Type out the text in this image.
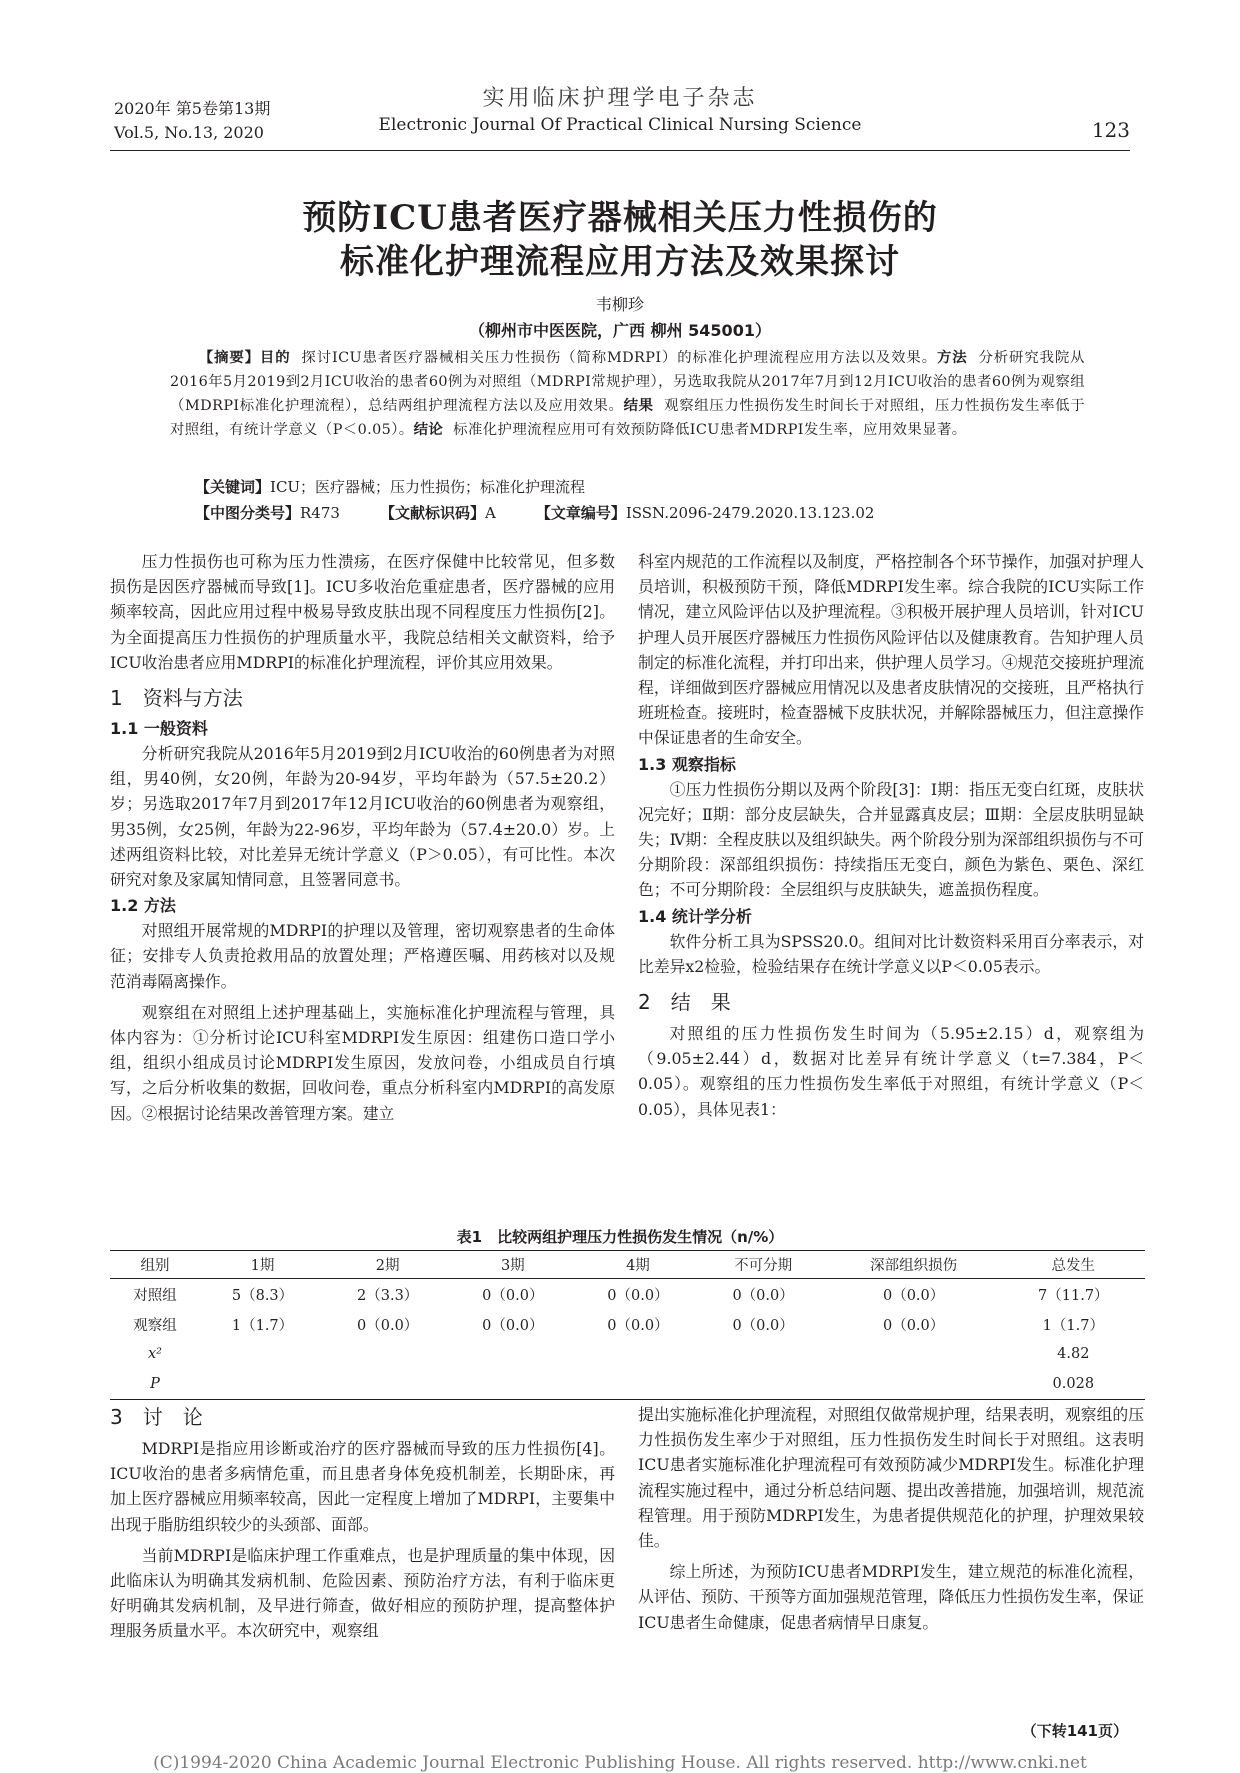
2020年 第5卷第13期
Vol.5, No.13, 2020
实用临床护理学电子杂志
Electronic Journal Of Practical Clinical Nursing Science	123
预防ICU患者医疗器械相关压力性损伤的
标准化护理流程应用方法及效果探讨
韦柳珍
（柳州市中医医院，广西 柳州 545001）

【摘要】目的 探讨ICU患者医疗器械相关压力性损伤（简称MDRPI）的标准化护理流程应用方法以及效果。方法 分析研究我院从2016年5月2019到2月ICU收治的患者60例为对照组（MDRPI常规护理），另选取我院从2017年7月到12月ICU收治的患者60例为观察组（MDRPI标准化护理流程），总结两组护理流程方法以及应用效果。结果 观察组压力性损伤发生时间长于对照组，压力性损伤发生率低于对照组，有统计学意义（P＜0.05）。结论 标准化护理流程应用可有效预防降低ICU患者MDRPI发生率，应用效果显著。

【关键词】ICU；医疗器械；压力性损伤；标准化护理流程
【中图分类号】R473	【文献标识码】A	【文章编号】ISSN.2096-2479.2020.13.123.02

压力性损伤也可称为压力性溃疡，在医疗保健中比较常见，但多数损伤是因医疗器械而导致[1]。ICU多收治危重症患者，医疗器械的应用频率较高，因此应用过程中极易导致皮肤出现不同程度压力性损伤[2]。为全面提高压力性损伤的护理质量水平，我院总结相关文献资料，给予ICU收治患者应用MDRPI的标准化护理流程，评价其应用效果。

1　资料与方法
1.1 一般资料

分析研究我院从2016年5月2019到2月ICU收治的60例患者为对照组，男40例，女20例，年龄为20-94岁，平均年龄为（57.5±20.2）岁；另选取2017年7月到2017年12月ICU收治的60例患者为观察组，男35例，女25例，年龄为22-96岁，平均年龄为（57.4±20.0）岁。上述两组资料比较，对比差异无统计学意义（P＞0.05），有可比性。本次研究对象及家属知情同意，且签署同意书。

1.2 方法

对照组开展常规的MDRPI的护理以及管理，密切观察患者的生命体征；安排专人负责抢救用品的放置处理；严格遵医嘱、用药核对以及规范消毒隔离操作。

观察组在对照组上述护理基础上，实施标准化护理流程与管理，具体内容为：①分析讨论ICU科室MDRPI发生原因：组建伤口造口学小组，组织小组成员讨论MDRPI发生原因，发放问卷，小组成员自行填写，之后分析收集的数据，回收问卷，重点分析科室内MDRPI的高发原因。②根据讨论结果改善管理方案。建立

科室内规范的工作流程以及制度，严格控制各个环节操作，加强对护理人员培训，积极预防干预，降低MDRPI发生率。综合我院的ICU实际工作情况，建立风险评估以及护理流程。③积极开展护理人员培训，针对ICU护理人员开展医疗器械压力性损伤风险评估以及健康教育。告知护理人员制定的标准化流程，并打印出来，供护理人员学习。④规范交接班护理流程，详细做到医疗器械应用情况以及患者皮肤情况的交接班，且严格执行班班检查。接班时，检查器械下皮肤状况，并解除器械压力，但注意操作中保证患者的生命安全。

1.3 观察指标

①压力性损伤分期以及两个阶段[3]：Ⅰ期：指压无变白红斑，皮肤状况完好；Ⅱ期：部分皮层缺失，合并显露真皮层；Ⅲ期：全层皮肤明显缺失；Ⅳ期：全程皮肤以及组织缺失。两个阶段分别为深部组织损伤与不可分期阶段：深部组织损伤：持续指压无变白，颜色为紫色、栗色、深红色；不可分期阶段：全层组织与皮肤缺失，遮盖损伤程度。

1.4 统计学分析

软件分析工具为SPSS20.0。组间对比计数资料采用百分率表示，对比差异x2检验，检验结果存在统计学意义以P＜0.05表示。

2　结　果

对照组的压力性损伤发生时间为（5.95±2.15）d，观察组为（9.05±2.44）d，数据对比差异有统计学意义（t=7.384，P＜0.05）。观察组的压力性损伤发生率低于对照组，有统计学意义（P＜0.05），具体见表1：

表1　比较两组护理压力性损伤发生情况（n/%）
组别	1期	2期	3期	4期	不可分期	深部组织损伤	总发生
对照组	5（8.3）	2（3.3）	0（0.0）	0（0.0）	0（0.0）	0（0.0）	7（11.7）
观察组	1（1.7）	0（0.0）	0（0.0）	0（0.0）	0（0.0）	0（0.0）	1（1.7）
x²							4.82
P							0.028
3　讨　论

MDRPI是指应用诊断或治疗的医疗器械而导致的压力性损伤[4]。ICU收治的患者多病情危重，而且患者身体免疫机制差，长期卧床，再加上医疗器械应用频率较高，因此一定程度上增加了MDRPI，主要集中出现于脂肪组织较少的头颈部、面部。

当前MDRPI是临床护理工作重难点，也是护理质量的集中体现，因此临床认为明确其发病机制、危险因素、预防治疗方法，有利于临床更好明确其发病机制，及早进行筛查，做好相应的预防护理，提高整体护理服务质量水平。本次研究中，观察组

提出实施标准化护理流程，对照组仅做常规护理，结果表明，观察组的压力性损伤发生率少于对照组，压力性损伤发生时间长于对照组。这表明ICU患者实施标准化护理流程可有效预防减少MDRPI发生。标准化护理流程实施过程中，通过分析总结问题、提出改善措施，加强培训，规范流程管理。用于预防MDRPI发生，为患者提供规范化的护理，护理效果较佳。

综上所述，为预防ICU患者MDRPI发生，建立规范的标准化流程，从评估、预防、干预等方面加强规范管理，降低压力性损伤发生率，保证ICU患者生命健康，促患者病情早日康复。

（下转141页）
(C)1994-2020 China Academic Journal Electronic Publishing House. All rights reserved. http://www.cnki.net
